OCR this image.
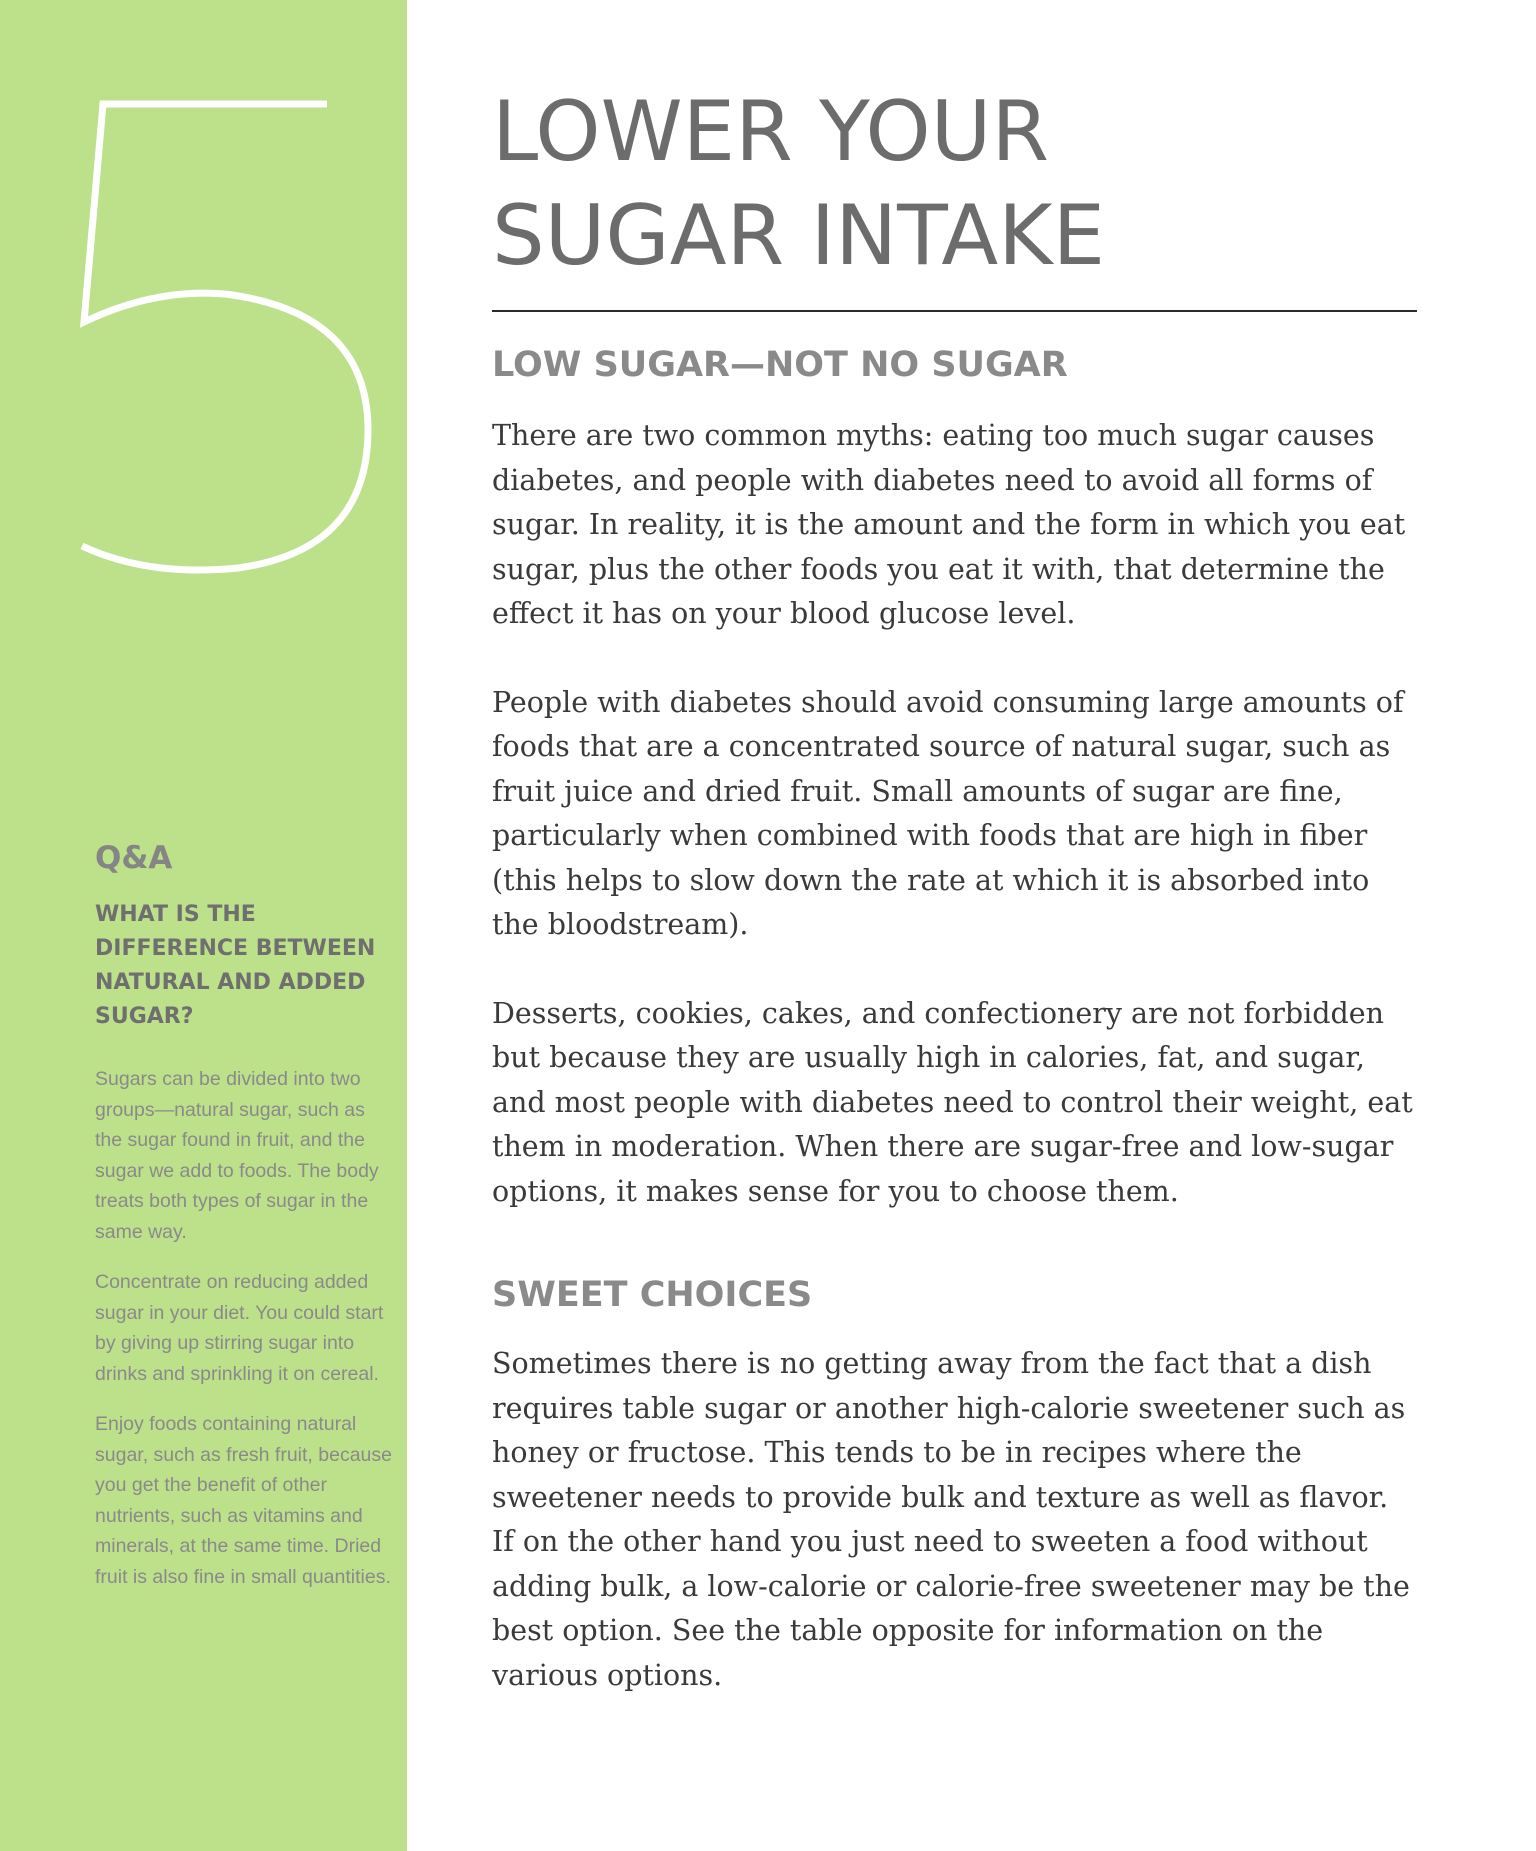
Q&A

WHAT IS THE DIFFERENCE BETWEEN NATURAL AND ADDED SUGAR?

Sugars can be divided into two groups—natural sugar, such as the sugar found in fruit, and the sugar we add to foods. The body treats both types of sugar in the same way.

Concentrate on reducing added sugar in your diet. You could start by giving up stirring sugar into drinks and sprinkling it on cereal.

Enjoy foods containing natural sugar, such as fresh fruit, because you get the benefit of other nutrients, such as vitamins and minerals, at the same time. Dried fruit is also fine in small quantities.

LOWER YOUR
SUGAR INTAKE
LOW SUGAR—NOT NO SUGAR

There are two common myths: eating too much sugar causes diabetes, and people with diabetes need to avoid all forms of sugar. In reality, it is the amount and the form in which you eat sugar, plus the other foods you eat it with, that determine the effect it has on your blood glucose level.

People with diabetes should avoid consuming large amounts of foods that are a concentrated source of natural sugar, such as fruit juice and dried fruit. Small amounts of sugar are fine, particularly when combined with foods that are high in fiber (this helps to slow down the rate at which it is absorbed into the bloodstream).

Desserts, cookies, cakes, and confectionery are not forbidden but because they are usually high in calories, fat, and sugar, and most people with diabetes need to control their weight, eat them in moderation. When there are sugar-free and low-sugar options, it makes sense for you to choose them.

SWEET CHOICES

Sometimes there is no getting away from the fact that a dish requires table sugar or another high-calorie sweetener such as honey or fructose. This tends to be in recipes where the sweetener needs to provide bulk and texture as well as flavor. If on the other hand you just need to sweeten a food without adding bulk, a low-calorie or calorie-free sweetener may be the best option. See the table opposite for information on the various options.
